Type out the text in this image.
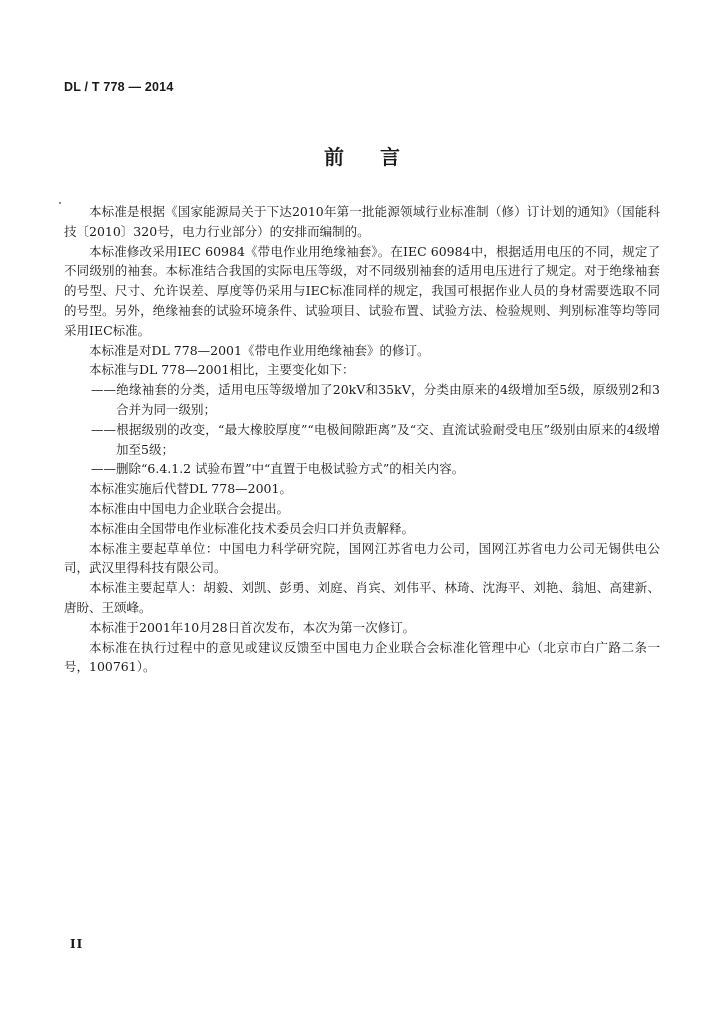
DL / T 778 — 2014
前言

本标准是根据《国家能源局关于下达2010年第一批能源领域行业标准制（修）订计划的通知》（国能科技〔2010〕320号，电力行业部分）的安排而编制的。

本标准修改采用IEC 60984《带电作业用绝缘袖套》。在IEC 60984中，根据适用电压的不同，规定了不同级别的袖套。本标准结合我国的实际电压等级，对不同级别袖套的适用电压进行了规定。对于绝缘袖套的号型、尺寸、允许误差、厚度等仍采用与IEC标准同样的规定，我国可根据作业人员的身材需要选取不同的号型。另外，绝缘袖套的试验环境条件、试验项目、试验布置、试验方法、检验规则、判别标准等均等同采用IEC标准。

本标准是对DL 778—2001《带电作业用绝缘袖套》的修订。

本标准与DL 778—2001相比，主要变化如下：

——绝缘袖套的分类，适用电压等级增加了20kV和35kV，分类由原来的4级增加至5级，原级别2和3合并为同一级别；

——根据级别的改变，“最大橡胶厚度”“电极间隙距离”及“交、直流试验耐受电压”级别由原来的4级增加至5级；

——删除“6.4.1.2 试验布置”中“直置于电极试验方式”的相关内容。

本标准实施后代替DL 778—2001。

本标准由中国电力企业联合会提出。

本标准由全国带电作业标准化技术委员会归口并负责解释。

本标准主要起草单位：中国电力科学研究院，国网江苏省电力公司，国网江苏省电力公司无锡供电公司，武汉里得科技有限公司。

本标准主要起草人：胡毅、刘凯、彭勇、刘庭、肖宾、刘伟平、林琦、沈海平、刘艳、翁旭、高建新、唐盼、王颂峰。

本标准于2001年10月28日首次发布，本次为第一次修订。

本标准在执行过程中的意见或建议反馈至中国电力企业联合会标准化管理中心（北京市白广路二条一号，100761）。

II
